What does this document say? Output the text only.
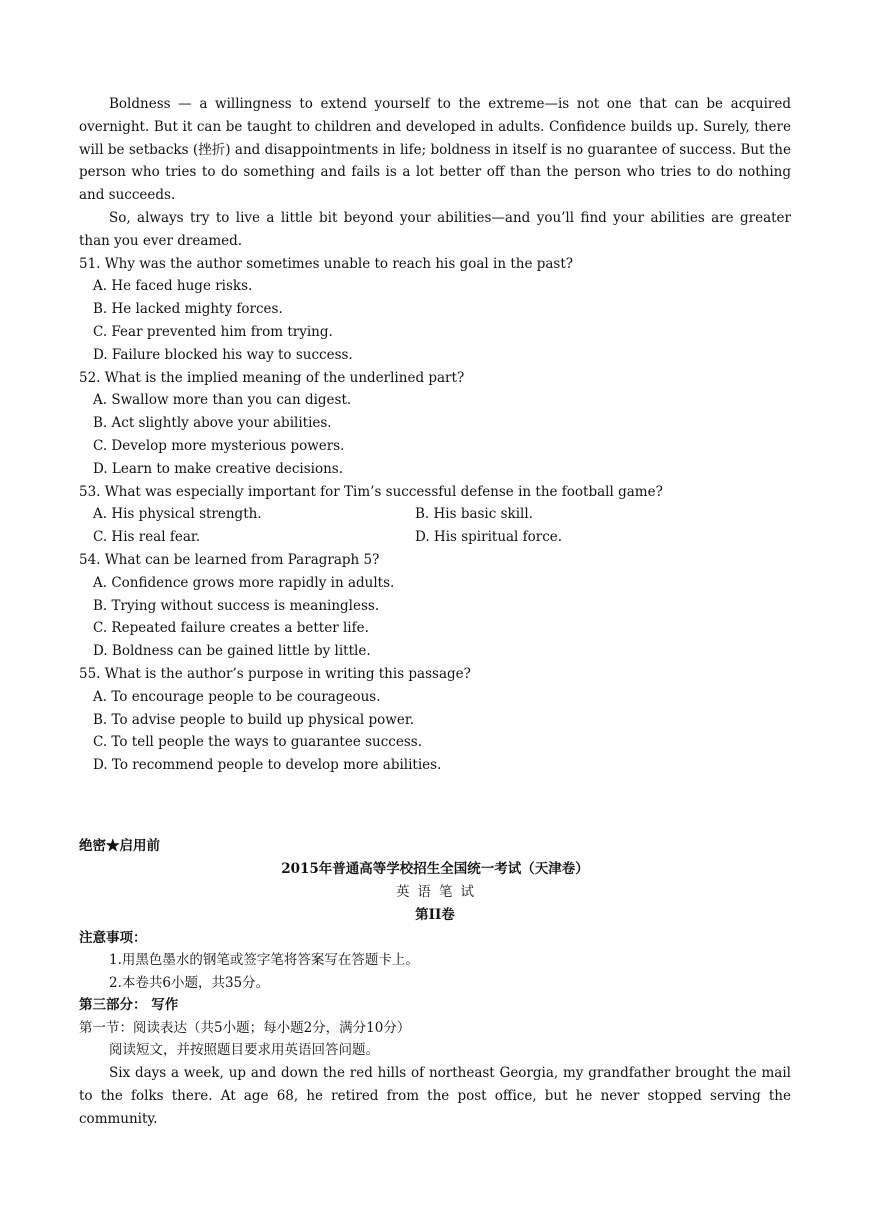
Boldness — a willingness to extend yourself to the extreme—is not one that can be acquired overnight. But it can be taught to children and developed in adults. Confidence builds up. Surely, there will be setbacks (挫折) and disappointments in life; boldness in itself is no guarantee of success. But the person who tries to do something and fails is a lot better off than the person who tries to do nothing and succeeds.

So, always try to live a little bit beyond your abilities—and you’ll find your abilities are greater than you ever dreamed.

51. Why was the author sometimes unable to reach his goal in the past?

A. He faced huge risks.

B. He lacked mighty forces.

C. Fear prevented him from trying.

D. Failure blocked his way to success.

52. What is the implied meaning of the underlined part?

A. Swallow more than you can digest.

B. Act slightly above your abilities.

C. Develop more mysterious powers.

D. Learn to make creative decisions.

53. What was especially important for Tim’s successful defense in the football game?

A. His physical strength.	B. His basic skill.
C. His real fear.	D. His spiritual force.

54. What can be learned from Paragraph 5?

A. Confidence grows more rapidly in adults.

B. Trying without success is meaningless.

C. Repeated failure creates a better life.

D. Boldness can be gained little by little.

55. What is the author’s purpose in writing this passage?

A. To encourage people to be courageous.

B. To advise people to build up physical power.

C. To tell people the ways to guarantee success.

D. To recommend people to develop more abilities.

绝密★启用前

2015年普通高等学校招生全国统一考试（天津卷）

英语笔试

第II卷

注意事项：

1.用黑色墨水的钢笔或签字笔将答案写在答题卡上。

2.本卷共6小题，共35分。

第三部分： 写作

第一节：阅读表达（共5小题；每小题2分，满分10分）

阅读短文，并按照题目要求用英语回答问题。

Six days a week, up and down the red hills of northeast Georgia, my grandfather brought the mail to the folks there. At age 68, he retired from the post office, but he never stopped serving the community.
